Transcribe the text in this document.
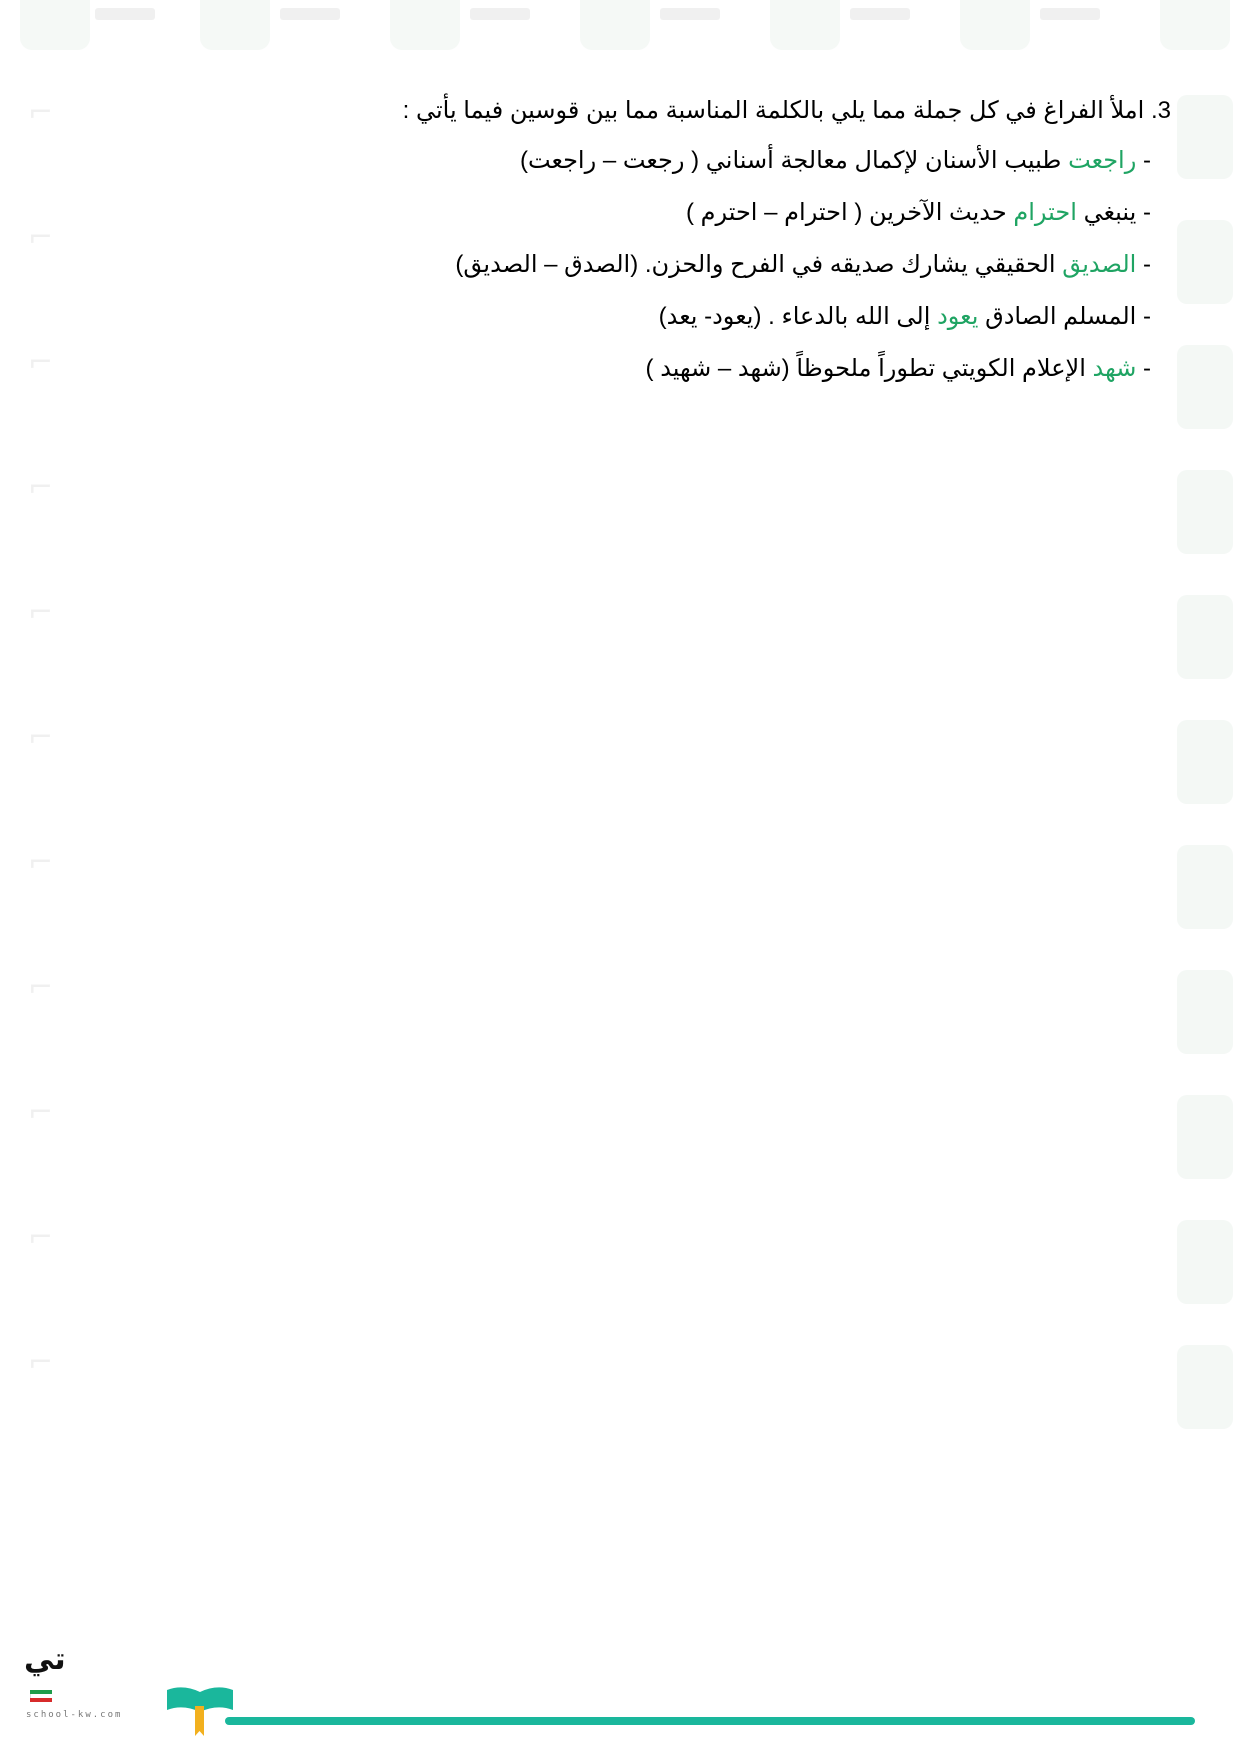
⌐
⌐
⌐
⌐
⌐
⌐
⌐
⌐
⌐
⌐
⌐

3. املأ الفراغ في كل جملة مما يلي بالكلمة المناسبة مما بين قوسين فيما يأتي :

- راجعت طبيب الأسنان لإكمال معالجة أسناني ( رجعت – راجعت)
- ينبغي احترام حديث الآخرين ( احترام – احترم )
- الصديق الحقيقي يشارك صديقه في الفرح والحزن. (الصدق – الصديق)
- المسلم الصادق يعود إلى الله بالدعاء . (يعود- يعد)
- شهد الإعلام الكويتي تطوراً ملحوظاً (شهد – شهيد )
تي
school-kw.com
